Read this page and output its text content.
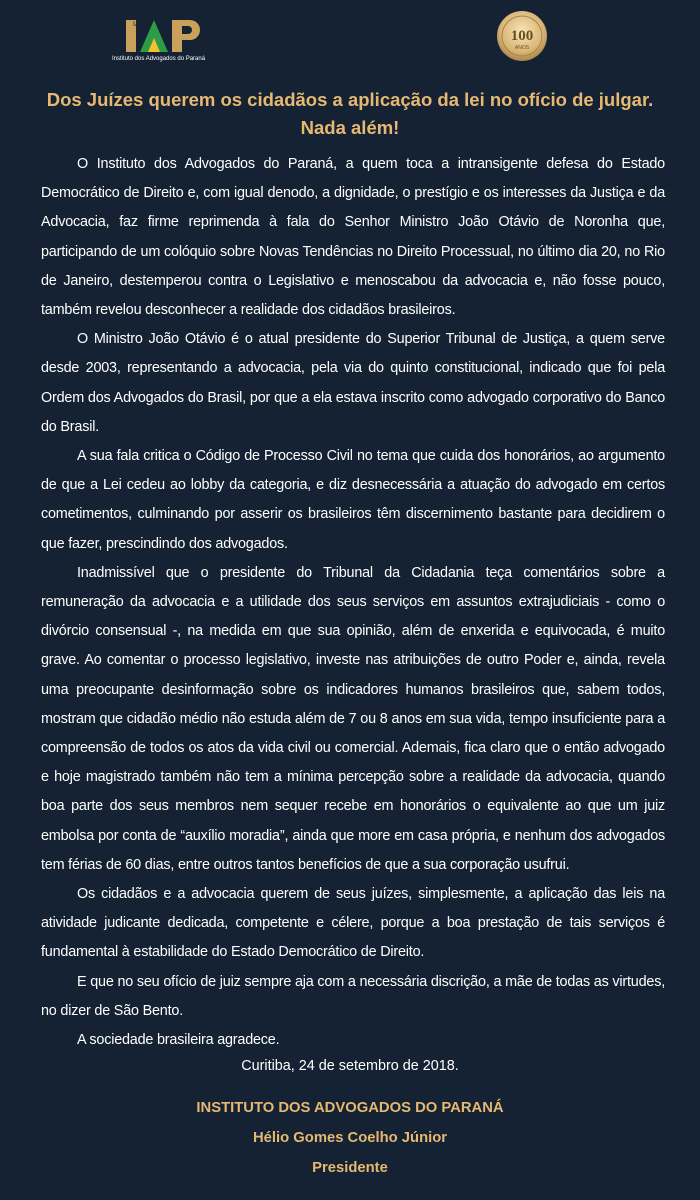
IAP
Instituto dos Advogados do Paraná
100
ANOS
Dos Juízes querem os cidadãos a aplicação da lei no ofício de julgar.
Nada além!

O Instituto dos Advogados do Paraná, a quem toca a intransigente defesa do Estado Democrático de Direito e, com igual denodo, a dignidade, o prestígio e os interesses da Justiça e da Advocacia, faz firme reprimenda à fala do Senhor Ministro João Otávio de Noronha que, participando de um colóquio sobre Novas Tendências no Direito Processual, no último dia 20, no Rio de Janeiro, destemperou contra o Legislativo e menoscabou da advocacia e, não fosse pouco, também revelou desconhecer a realidade dos cidadãos brasileiros.

O Ministro João Otávio é o atual presidente do Superior Tribunal de Justiça, a quem serve desde 2003, representando a advocacia, pela via do quinto constitucional, indicado que foi pela Ordem dos Advogados do Brasil, por que a ela estava inscrito como advogado corporativo do Banco do Brasil.

A sua fala critica o Código de Processo Civil no tema que cuida dos honorários, ao argumento de que a Lei cedeu ao lobby da categoria, e diz desnecessária a atuação do advogado em certos cometimentos, culminando por asserir os brasileiros têm discernimento bastante para decidirem o que fazer, prescindindo dos advogados.

Inadmissível que o presidente do Tribunal da Cidadania teça comentários sobre a remuneração da advocacia e a utilidade dos seus serviços em assuntos extrajudiciais - como o divórcio consensual -, na medida em que sua opinião, além de enxerida e equivocada, é muito grave. Ao comentar o processo legislativo, investe nas atribuições de outro Poder e, ainda, revela uma preocupante desinformação sobre os indicadores humanos brasileiros que, sabem todos, mostram que cidadão médio não estuda além de 7 ou 8 anos em sua vida, tempo insuficiente para a compreensão de todos os atos da vida civil ou comercial. Ademais, fica claro que o então advogado e hoje magistrado também não tem a mínima percepção sobre a realidade da advocacia, quando boa parte dos seus membros nem sequer recebe em honorários o equivalente ao que um juiz embolsa por conta de “auxílio moradia”, ainda que more em casa própria, e nenhum dos advogados tem férias de 60 dias, entre outros tantos benefícios de que a sua corporação usufrui.

Os cidadãos e a advocacia querem de seus juízes, simplesmente, a aplicação das leis na atividade judicante dedicada, competente e célere, porque a boa prestação de tais serviços é fundamental à estabilidade do Estado Democrático de Direito.

E que no seu ofício de juiz sempre aja com a necessária discrição, a mãe de todas as virtudes, no dizer de São Bento.

A sociedade brasileira agradece.

Curitiba, 24 de setembro de 2018.
INSTITUTO DOS ADVOGADOS DO PARANÁ
Hélio Gomes Coelho Júnior
Presidente
